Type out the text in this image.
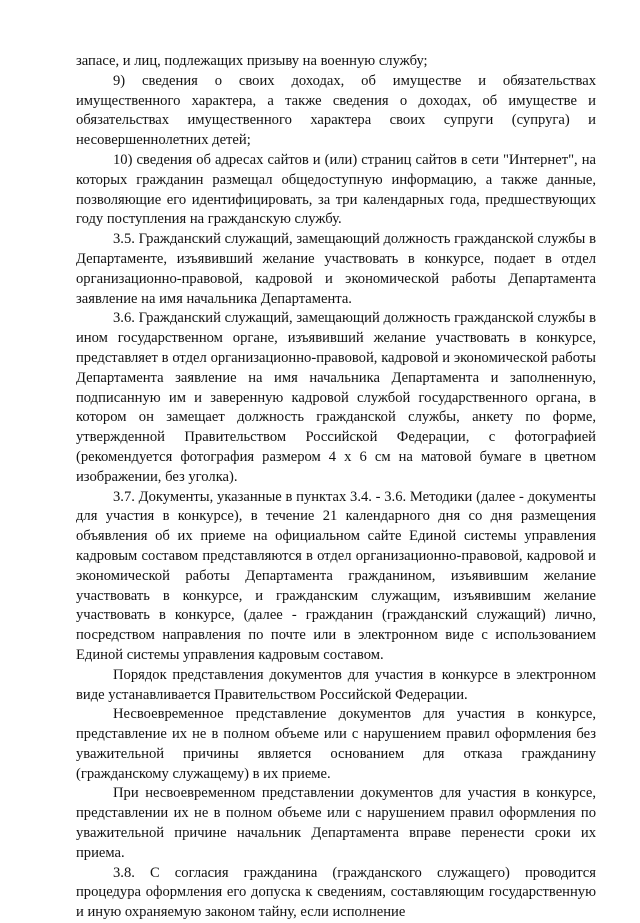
запасе, и лиц, подлежащих призыву на военную службу;

9) сведения о своих доходах, об имуществе и обязательствах имущественного характера, а также сведения о доходах, об имуществе и обязательствах имущественного характера своих супруги (супруга) и несовершеннолетних детей;

10) сведения об адресах сайтов и (или) страниц сайтов в сети "Интернет", на которых гражданин размещал общедоступную информацию, а также данные, позволяющие его идентифицировать, за три календарных года, предшествующих году поступления на гражданскую службу.

3.5. Гражданский служащий, замещающий должность гражданской службы в Департаменте, изъявивший желание участвовать в конкурсе, подает в отдел организационно-правовой, кадровой и экономической работы Департамента заявление на имя начальника Департамента.

3.6. Гражданский служащий, замещающий должность гражданской службы в ином государственном органе, изъявивший желание участвовать в конкурсе, представляет в отдел организационно-правовой, кадровой и экономической работы Департамента заявление на имя начальника Департамента и заполненную, подписанную им и заверенную кадровой службой государственного органа, в котором он замещает должность гражданской службы, анкету по форме, утвержденной Правительством Российской Федерации, с фотографией (рекомендуется фотография размером 4 х 6 см на матовой бумаге в цветном изображении, без уголка).

3.7. Документы, указанные в пунктах 3.4. - 3.6. Методики (далее - документы для участия в конкурсе), в течение 21 календарного дня со дня размещения объявления об их приеме на официальном сайте Единой системы управления кадровым составом представляются в отдел организационно-правовой, кадровой и экономической работы Департамента гражданином, изъявившим желание участвовать в конкурсе, и гражданским служащим, изъявившим желание участвовать в конкурсе, (далее - гражданин (гражданский служащий) лично, посредством направления по почте или в электронном виде с использованием Единой системы управления кадровым составом.

Порядок представления документов для участия в конкурсе в электронном виде устанавливается Правительством Российской Федерации.

Несвоевременное представление документов для участия в конкурсе, представление их не в полном объеме или с нарушением правил оформления без уважительной причины является основанием для отказа гражданину (гражданскому служащему) в их приеме.

При несвоевременном представлении документов для участия в конкурсе, представлении их не в полном объеме или с нарушением правил оформления по уважительной причине начальник Департамента вправе перенести сроки их приема.

3.8. С согласия гражданина (гражданского служащего) проводится процедура оформления его допуска к сведениям, составляющим государственную и иную охраняемую законом тайну, если исполнение
